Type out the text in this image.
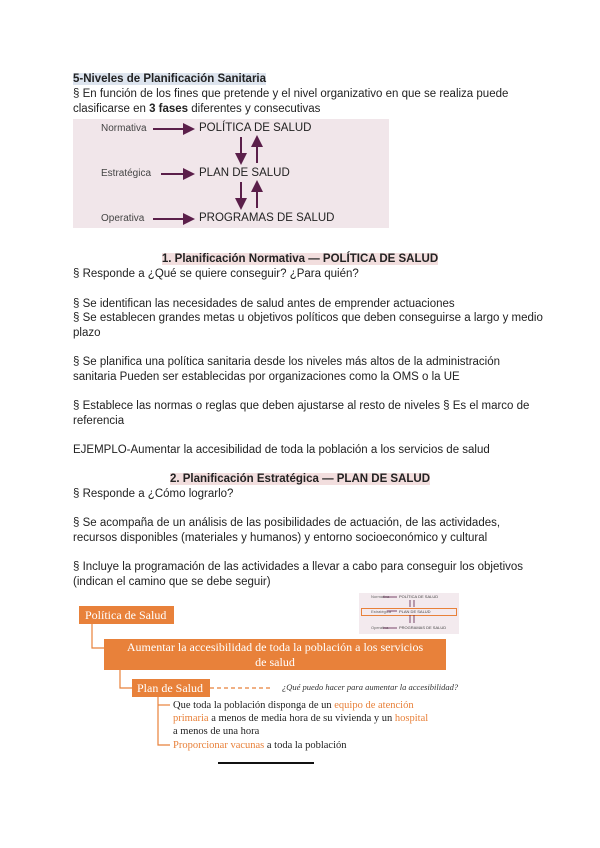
5-Niveles de Planificación Sanitaria
§ En función de los fines que pretende y el nivel organizativo en que se realiza puede
clasificarse en 3 fases diferentes y consecutivas
Normativa	POLÍTICA DE SALUD
Estratégica	PLAN DE SALUD
Operativa	PROGRAMAS DE SALUD
1. Planificación Normativa — POLÍTICA DE SALUD
§ Responde a ¿Qué se quiere conseguir? ¿Para quién?
§ Se identifican las necesidades de salud antes de emprender actuaciones
§ Se establecen grandes metas u objetivos políticos que deben conseguirse a largo y medio
plazo
§ Se planifica una política sanitaria desde los niveles más altos de la administración
sanitaria Pueden ser establecidas por organizaciones como la OMS o la UE
§ Establece las normas o reglas que deben ajustarse al resto de niveles § Es el marco de
referencia
EJEMPLO-Aumentar la accesibilidad de toda la población a los servicios de salud
2. Planificación Estratégica — PLAN DE SALUD
§ Responde a ¿Cómo lograrlo?
§ Se acompaña de un análisis de las posibilidades de actuación, de las actividades,
recursos disponibles (materiales y humanos) y entorno socioeconómico y cultural
§ Incluye la programación de las actividades a llevar a cabo para conseguir los objetivos
(indican el camino que se debe seguir)
Normativa POLÍTICA DE SALUD
Estratégica PLAN DE SALUD
Operativa	PROGRAMAS DE SALUD
Política de Salud
Aumentar la accesibilidad de toda la población a los servicios
de salud
Plan de Salud	¿Qué puedo hacer para aumentar la accesibilidad?
Que toda la población disponga de un equipo de atención
primaria a menos de media hora de su vivienda y un hospital
a menos de una hora
Proporcionar vacunas a toda la población
